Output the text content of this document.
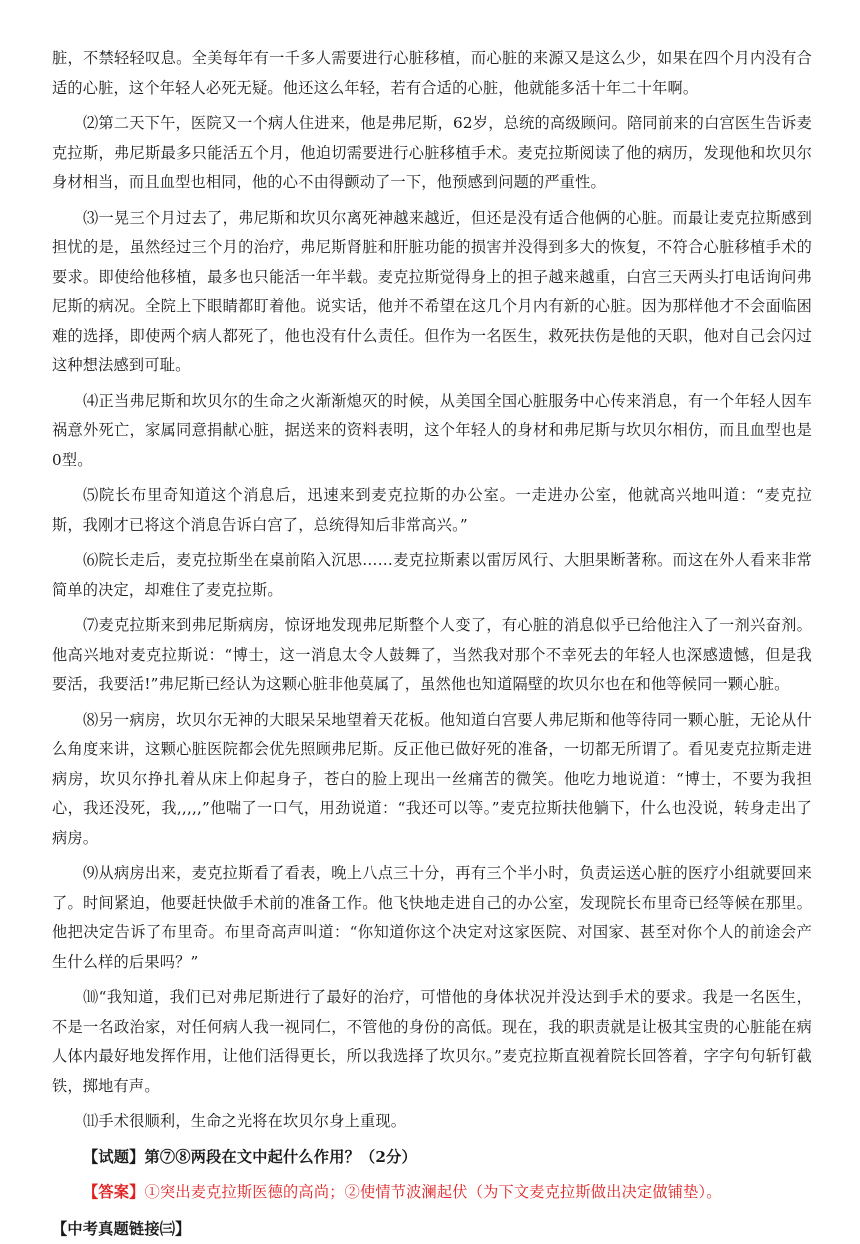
脏，不禁轻轻叹息。全美每年有一千多人需要进行心脏移植，而心脏的来源又是这么少，如果在四个月内没有合适的心脏，这个年轻人必死无疑。他还这么年轻，若有合适的心脏，他就能多活十年二十年啊。

⑵第二天下午，医院又一个病人住进来，他是弗尼斯，62岁，总统的高级顾问。陪同前来的白宫医生告诉麦克拉斯，弗尼斯最多只能活五个月，他迫切需要进行心脏移植手术。麦克拉斯阅读了他的病历，发现他和坎贝尔身材相当，而且血型也相同，他的心不由得颤动了一下，他预感到问题的严重性。

⑶一晃三个月过去了，弗尼斯和坎贝尔离死神越来越近，但还是没有适合他俩的心脏。而最让麦克拉斯感到担忧的是，虽然经过三个月的治疗，弗尼斯肾脏和肝脏功能的损害并没得到多大的恢复，不符合心脏移植手术的要求。即使给他移植，最多也只能活一年半载。麦克拉斯觉得身上的担子越来越重，白宫三天两头打电话询问弗尼斯的病况。全院上下眼睛都盯着他。说实话，他并不希望在这几个月内有新的心脏。因为那样他才不会面临困难的选择，即使两个病人都死了，他也没有什么责任。但作为一名医生，救死扶伤是他的天职，他对自己会闪过这种想法感到可耻。

⑷正当弗尼斯和坎贝尔的生命之火渐渐熄灭的时候，从美国全国心脏服务中心传来消息，有一个年轻人因车祸意外死亡，家属同意捐献心脏，据送来的资料表明，这个年轻人的身材和弗尼斯与坎贝尔相仿，而且血型也是0型。

⑸院长布里奇知道这个消息后，迅速来到麦克拉斯的办公室。一走进办公室，他就高兴地叫道：“麦克拉斯，我刚才已将这个消息告诉白宫了，总统得知后非常高兴。”

⑹院长走后，麦克拉斯坐在桌前陷入沉思……麦克拉斯素以雷厉风行、大胆果断著称。而这在外人看来非常简单的决定，却难住了麦克拉斯。

⑺麦克拉斯来到弗尼斯病房，惊讶地发现弗尼斯整个人变了，有心脏的消息似乎已给他注入了一剂兴奋剂。他高兴地对麦克拉斯说：“博士，这一消息太令人鼓舞了，当然我对那个不幸死去的年轻人也深感遗憾，但是我要活，我要活!”弗尼斯已经认为这颗心脏非他莫属了，虽然他也知道隔壁的坎贝尔也在和他等候同一颗心脏。

⑻另一病房，坎贝尔无神的大眼呆呆地望着天花板。他知道白宫要人弗尼斯和他等待同一颗心脏，无论从什么角度来讲，这颗心脏医院都会优先照顾弗尼斯。反正他已做好死的准备，一切都无所谓了。看见麦克拉斯走进病房，坎贝尔挣扎着从床上仰起身子，苍白的脸上现出一丝痛苦的微笑。他吃力地说道：“博士，不要为我担心，我还没死，我,,,,,”他喘了一口气，用劲说道：“我还可以等。”麦克拉斯扶他躺下，什么也没说，转身走出了病房。

⑼从病房出来，麦克拉斯看了看表，晚上八点三十分，再有三个半小时，负责运送心脏的医疗小组就要回来了。时间紧迫，他要赶快做手术前的准备工作。他飞快地走进自己的办公室，发现院长布里奇已经等候在那里。他把决定告诉了布里奇。布里奇高声叫道：“你知道你这个决定对这家医院、对国家、甚至对你个人的前途会产生什么样的后果吗？”

⑽“我知道，我们已对弗尼斯进行了最好的治疗，可惜他的身体状况并没达到手术的要求。我是一名医生，不是一名政治家，对任何病人我一视同仁，不管他的身份的高低。现在，我的职责就是让极其宝贵的心脏能在病人体内最好地发挥作用，让他们活得更长，所以我选择了坎贝尔。”麦克拉斯直视着院长回答着，字字句句斩钉截铁，掷地有声。

⑾手术很顺利，生命之光将在坎贝尔身上重现。

【试题】第⑦⑧两段在文中起什么作用？（2分）

【答案】①突出麦克拉斯医德的高尚；②使情节波澜起伏（为下文麦克拉斯做出决定做铺垫）。

【中考真题链接㈢】
